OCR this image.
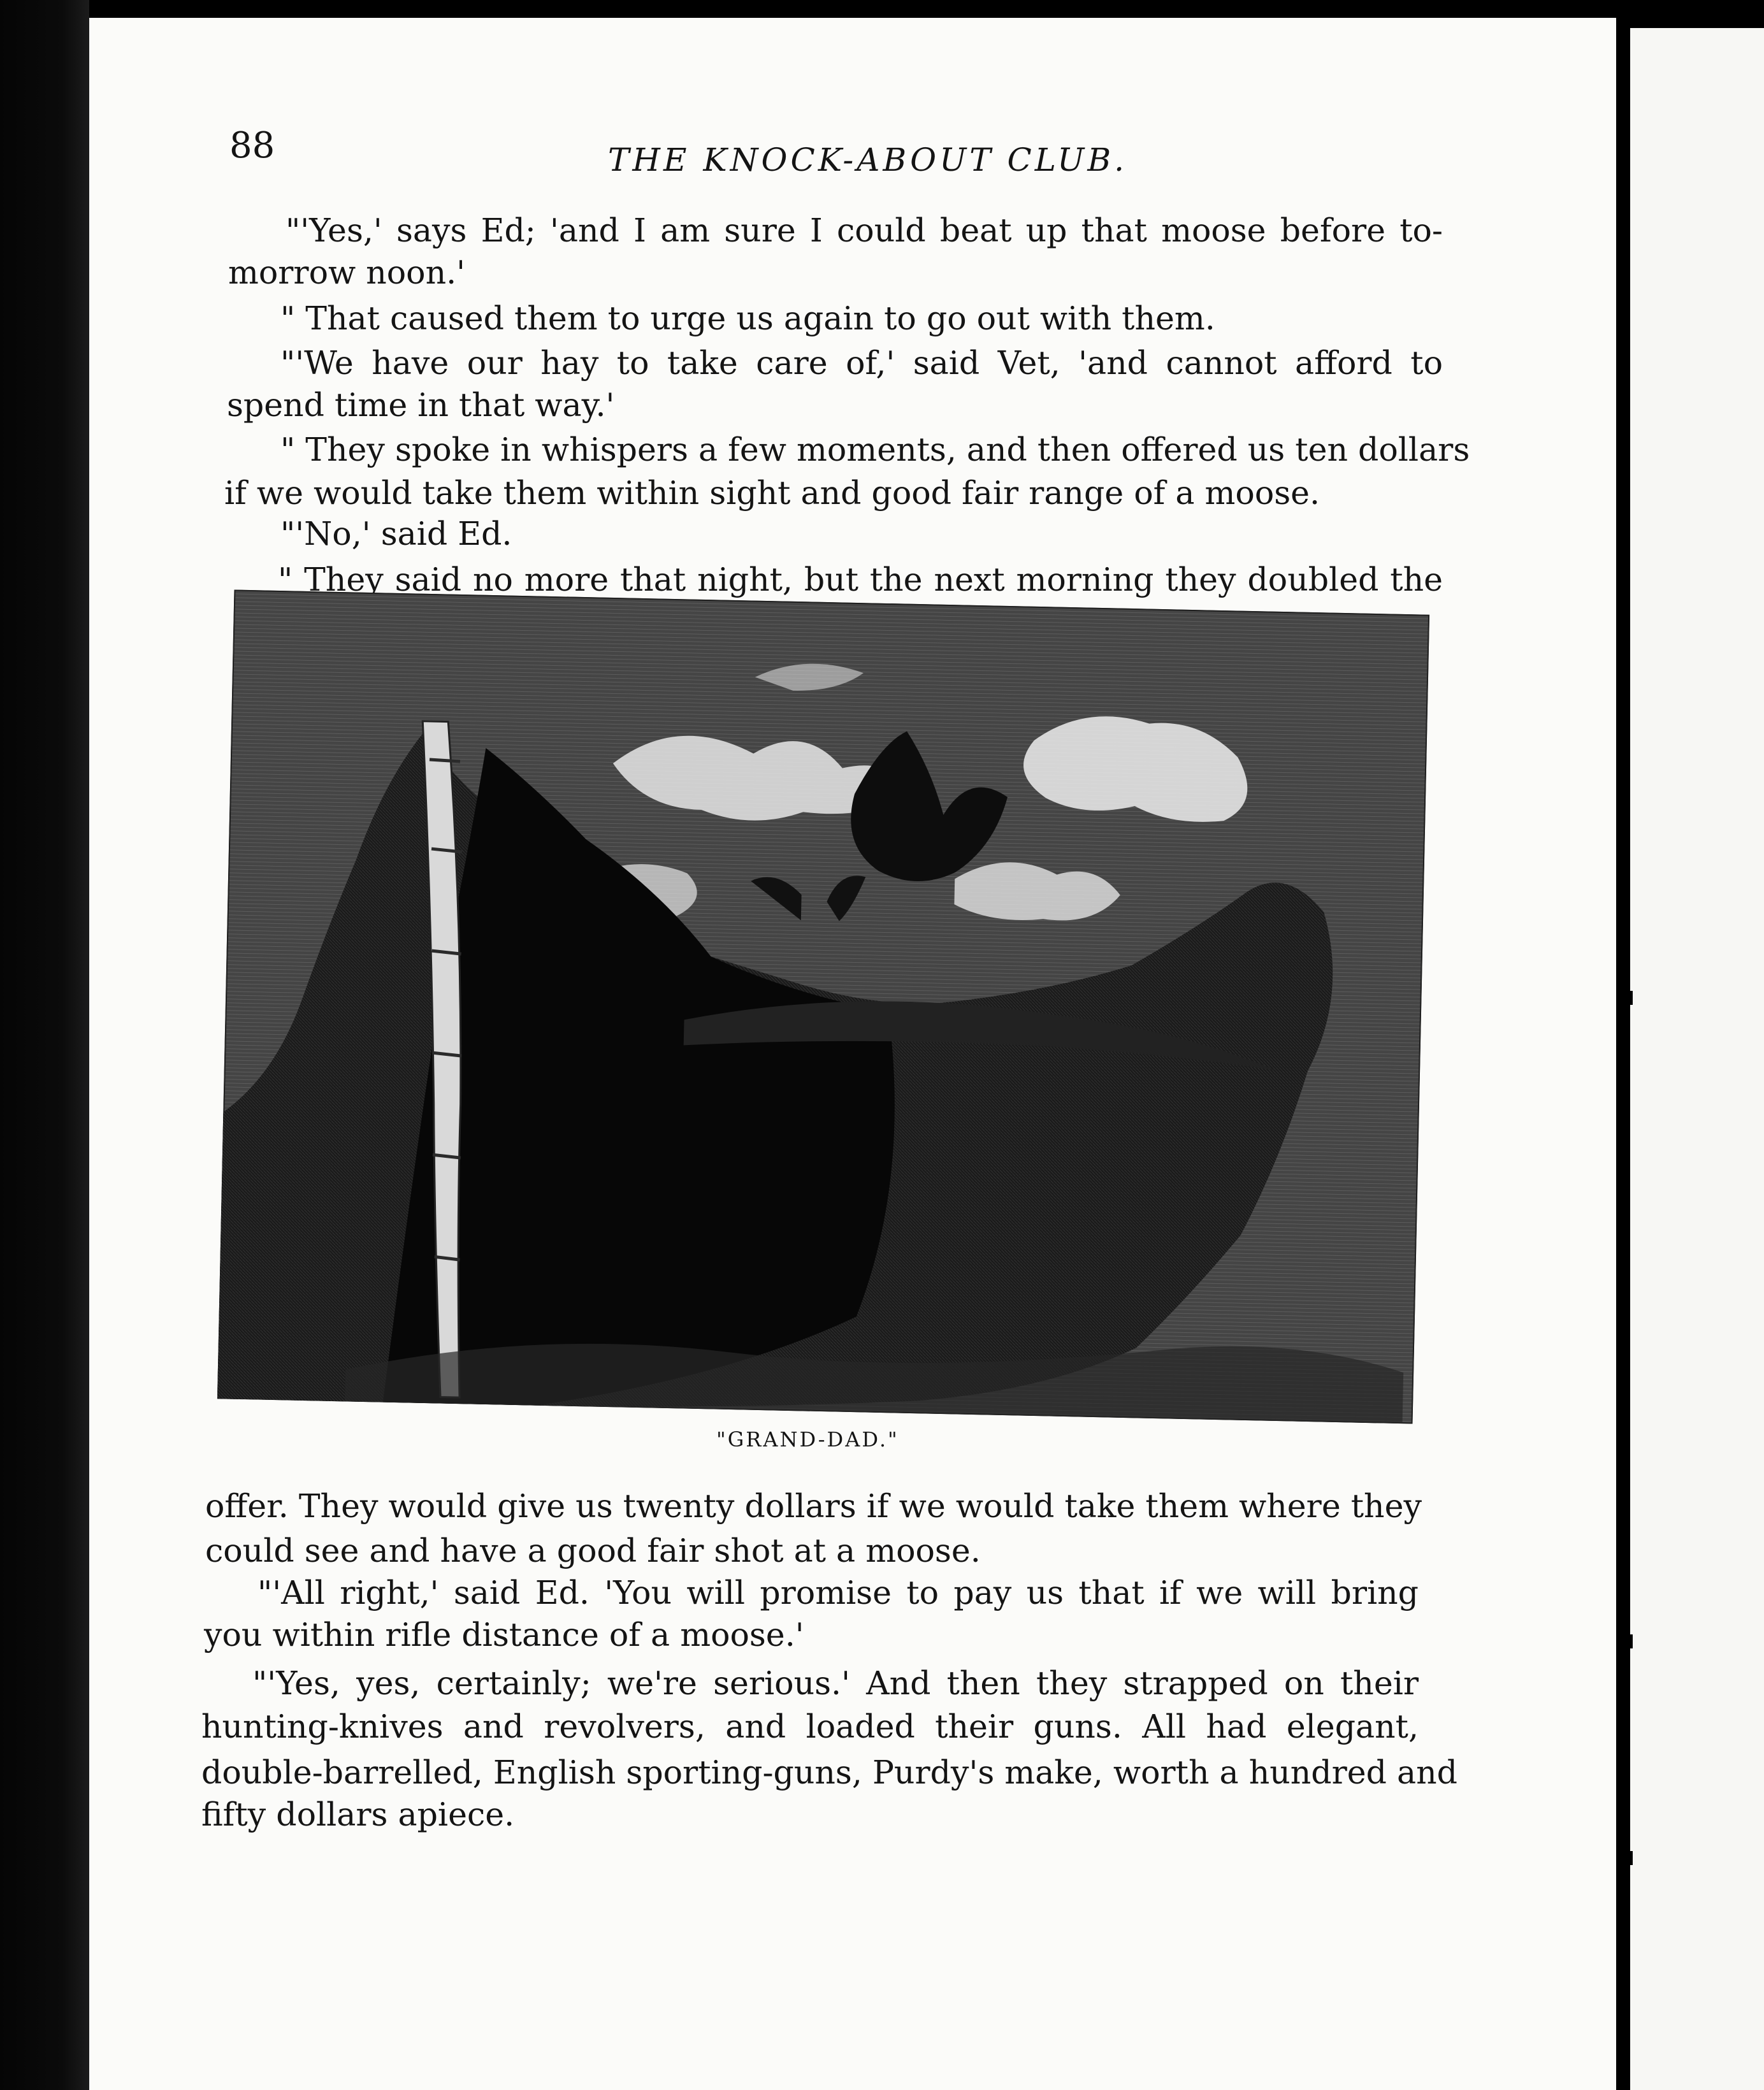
88	THE KNOCK-ABOUT CLUB.
"'Yes,' says Ed; 'and I am sure I could beat up that moose before to-
morrow noon.'
" That caused them to urge us again to go out with them.
"'We have our hay to take care of,' said Vet, 'and cannot afford to
spend time in that way.'
" They spoke in whispers a few moments, and then offered us ten dollars
if we would take them within sight and good fair range of a moose.
"'No,' said Ed.
" They said no more that night, but the next morning they doubled the
"GRAND-DAD."
offer. They would give us twenty dollars if we would take them where they
could see and have a good fair shot at a moose.
"'All right,' said Ed. 'You will promise to pay us that if we will bring
you within rifle distance of a moose.'
"'Yes, yes, certainly; we're serious.' And then they strapped on their
hunting-knives and revolvers, and loaded their guns. All had elegant,
double-barrelled, English sporting-guns, Purdy's make, worth a hundred and
fifty dollars apiece.
